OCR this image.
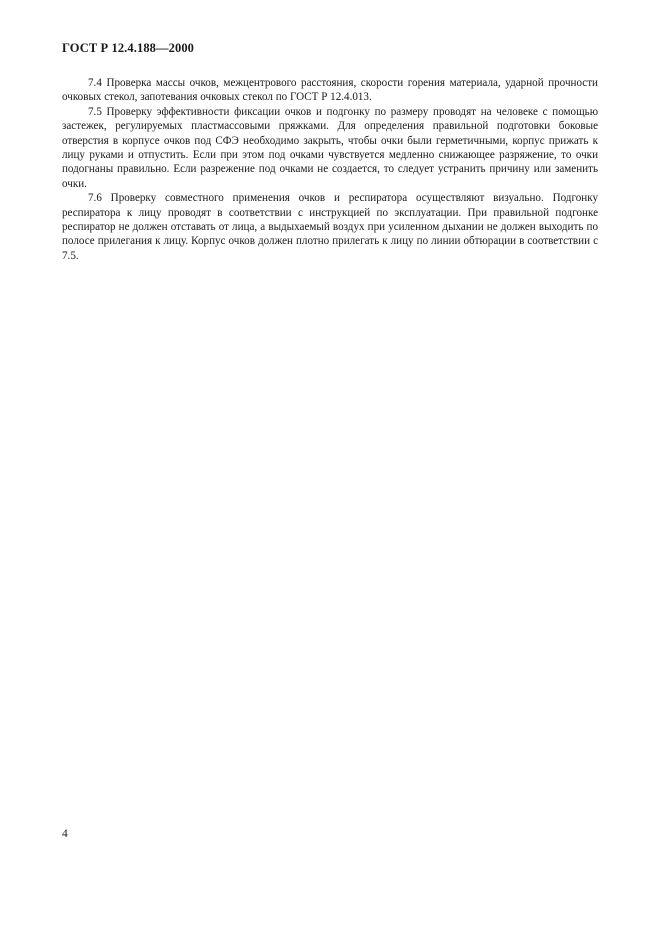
ГОСТ Р 12.4.188—2000

7.4 Проверка массы очков, межцентрового расстояния, скорости горения материала, ударной прочности очковых стекол, запотевания очковых стекол по ГОСТ Р 12.4.013.

7.5 Проверку эффективности фиксации очков и подгонку по размеру проводят на человеке с помощью застежек, регулируемых пластмассовыми пряжками. Для определения правильной подготовки боковые отверстия в корпусе очков под СФЭ необходимо закрыть, чтобы очки были герметичными, корпус прижать к лицу руками и отпустить. Если при этом под очками чувствуется медленно снижающее разряжение, то очки подогнаны правильно. Если разрежение под очками не создается, то следует устранить причину или заменить очки.

7.6 Проверку совместного применения очков и респиратора осуществляют визуально. Подгонку респиратора к лицу проводят в соответствии с инструкцией по эксплуатации. При правильной подгонке респиратор не должен отставать от лица, а выдыхаемый воздух при усиленном дыхании не должен выходить по полосе прилегания к лицу. Корпус очков должен плотно прилегать к лицу по линии обтюрации в соответствии с 7.5.

4
